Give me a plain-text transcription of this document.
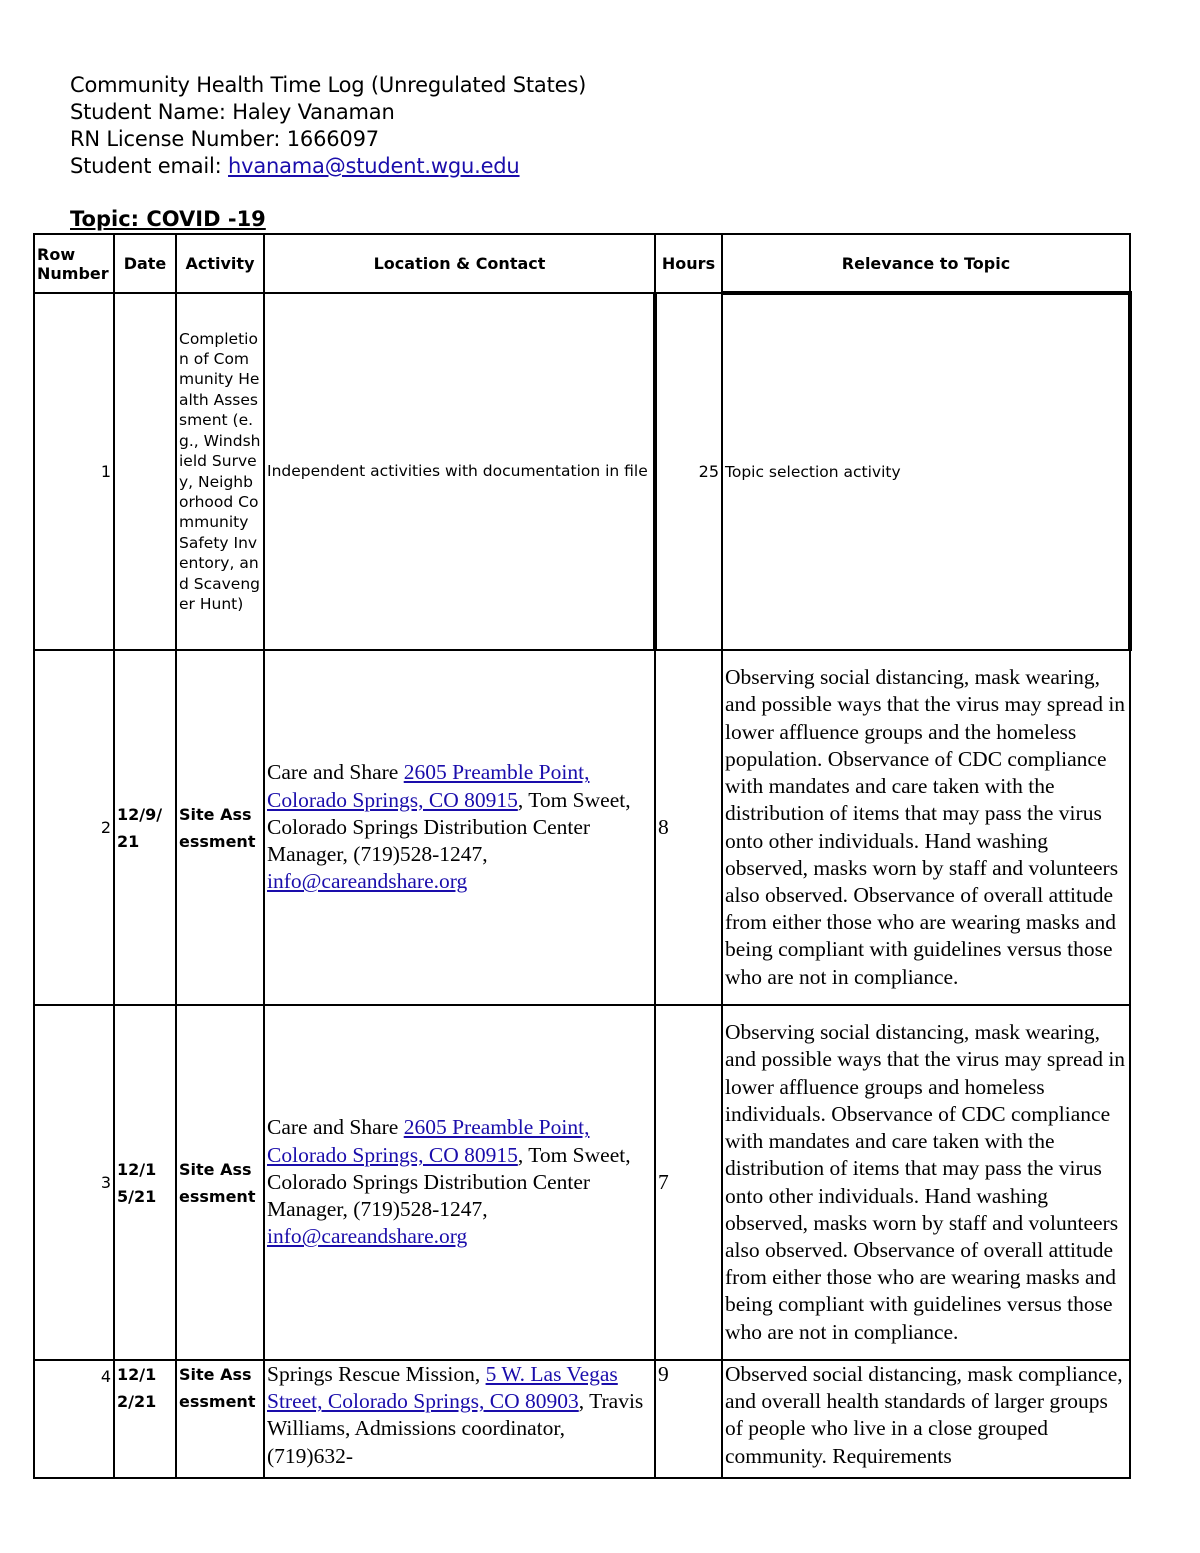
Community Health Time Log (Unregulated States)
Student Name: Haley Vanaman
RN License Number: 1666097
Student email: hvanama@student.wgu.edu
Topic: COVID -19
Row Number	Date	Activity	Location & Contact	Hours	Relevance to Topic
1		Completion of Community Health Assessment (e.g., Windshield Survey, Neighborhood Community Safety Inventory, and Scavenger Hunt)	Independent activities with documentation in file	25	Topic selection activity
2	12/9/21	Site Assessment	Care and Share 2605 Preamble Point, Colorado Springs, CO 80915, Tom Sweet, Colorado Springs Distribution Center Manager, (719)528-1247, info@careandshare.org	8	Observing social distancing, mask wearing, and possible ways that the virus may spread in lower affluence groups and the homeless population. Observance of CDC compliance with mandates and care taken with the distribution of items that may pass the virus onto other individuals. Hand washing observed, masks worn by staff and volunteers also observed. Observance of overall attitude from either those who are wearing masks and being compliant with guidelines versus those who are not in compliance.
3	12/15/21	Site Assessment	Care and Share 2605 Preamble Point, Colorado Springs, CO 80915, Tom Sweet, Colorado Springs Distribution Center Manager, (719)528-1247, info@careandshare.org	7	Observing social distancing, mask wearing, and possible ways that the virus may spread in lower affluence groups and homeless individuals. Observance of CDC compliance with mandates and care taken with the distribution of items that may pass the virus onto other individuals. Hand washing observed, masks worn by staff and volunteers also observed. Observance of overall attitude from either those who are wearing masks and being compliant with guidelines versus those who are not in compliance.
4	12/12/21	Site Assessment	Springs Rescue Mission, 5 W. Las Vegas Street, Colorado Springs, CO 80903, Travis Williams, Admissions coordinator, (719)632-	9	Observed social distancing, mask compliance, and overall health standards of larger groups of people who live in a close grouped community. Requirements
